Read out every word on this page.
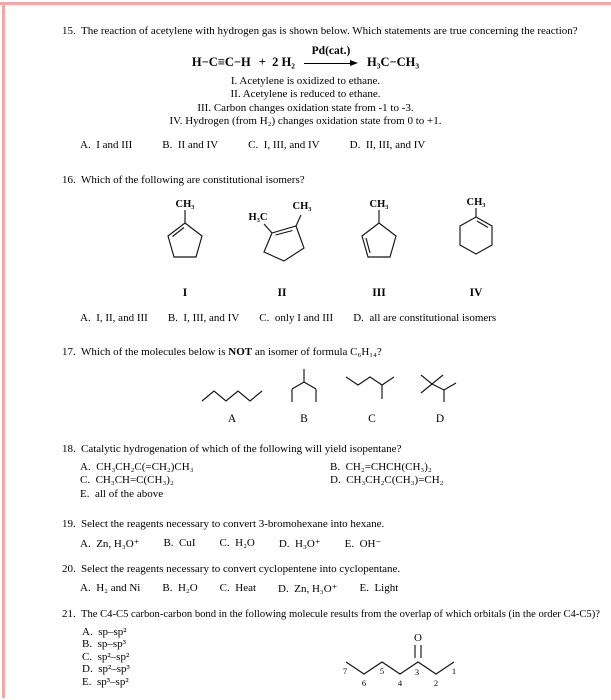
15. The reaction of acetylene with hydrogen gas is shown below. Which statements are true concerning the reaction?
H−C≡C−H +  2 H₂
Pd(cat.)
H₃C−CH₃
I. Acetylene is oxidized to ethane.
II. Acetylene is reduced to ethane.
III. Carbon changes oxidation state from -1 to -3.
IV. Hydrogen (from H₂) changes oxidation state from 0 to +1.
A.  I and III	B.  II and IV	C.  I, III, and IV	D.  II, III, and IV
16. Which of the following are constitutional isomers?
CH₃
I
H₃C
CH₃
II
CH₃
III
CH₃
IV
A.  I, II, and III B.  I, III, and IV C.  only I and III D.  all are constitutional isomers
17. Which of the molecules below is NOT an isomer of formula C₆H₁₄?
A	B	C	D
18. Catalytic hydrogenation of which of the following will yield isopentane?
A.  CH₃CH₂C(=CH₂)CH₃	B.  CH₂=CHCH(CH₃)₂
C.  CH₃CH=C(CH₃)₂	D.  CH₃CH₂C(CH₃)=CH₂
E.  all of the above
19. Select the reagents necessary to convert 3-bromohexane into hexane.
A.  Zn, H₃O⁺ B.  CuI C.  H₂O D.  H₃O⁺ E.  OH⁻
20. Select the reagents necessary to convert cyclopentene into cyclopentane.
A.  H₂ and Ni B.  H₂O C.  Heat D.  Zn, H₃O⁺ E.  Light
21. The C4-C5 carbon-carbon bond in the following molecule results from the overlap of which orbitals (in the order C4-C5)?
A.  sp–sp²
B.  sp–sp³
C.  sp²–sp²
D.  sp²–sp³
E.  sp³–sp²
O
7
6
5
4
3
2
1
